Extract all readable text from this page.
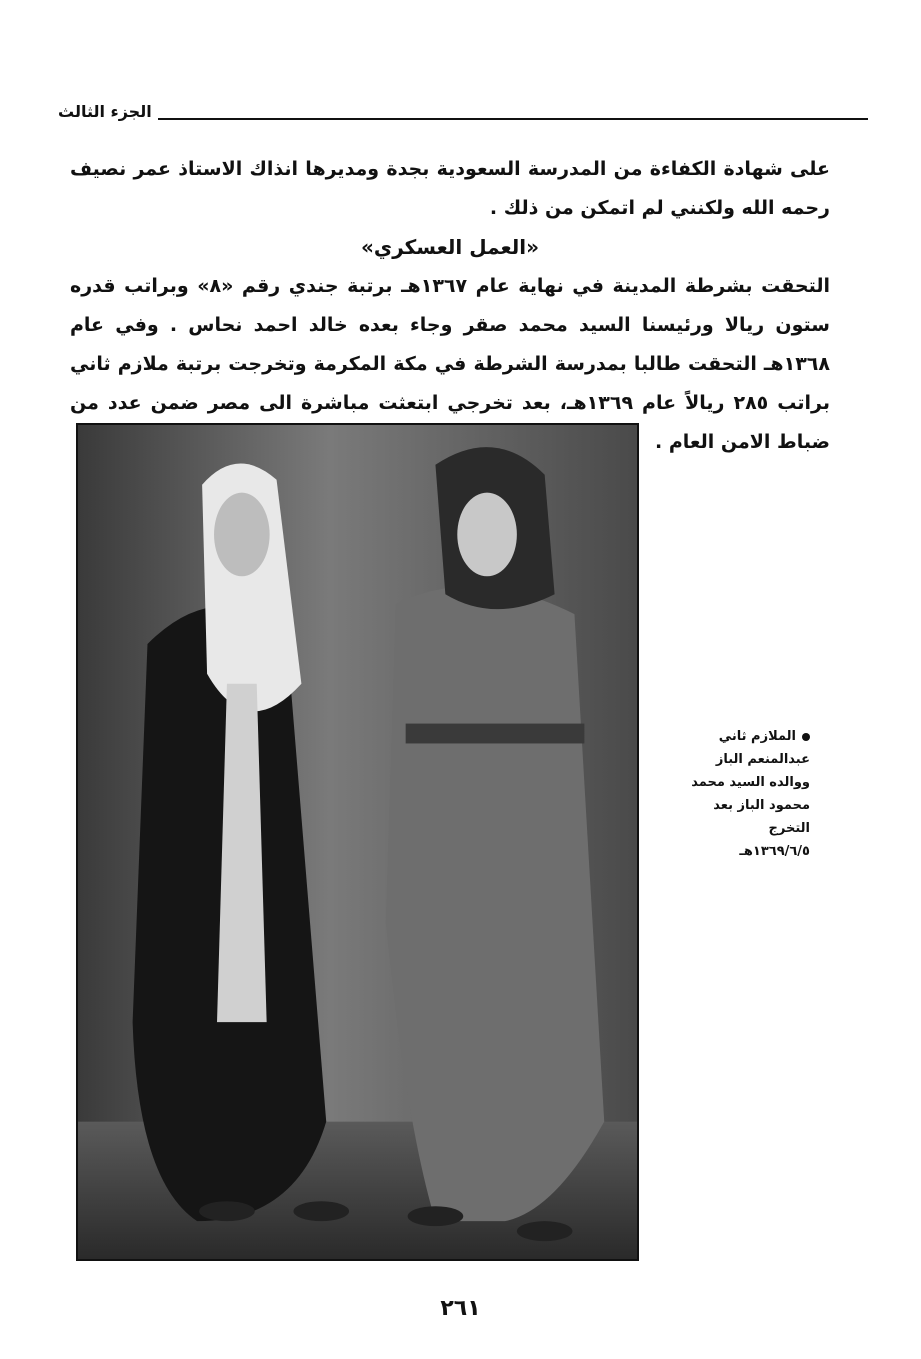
الجزء الثالث

على شهادة الكفاءة من المدرسة السعودية بجدة ومديرها انذاك الاستاذ عمر نصيف رحمه الله ولكنني لم اتمكن من ذلك .

«العمل العسكري»

التحقت بشرطة المدينة في نهاية عام ١٣٦٧هـ برتبة جندي رقم «٨» وبراتب قدره ستون ريالا ورئيسنا السيد محمد صقر وجاء بعده خالد احمد نحاس . وفي عام ١٣٦٨هـ التحقت طالبا بمدرسة الشرطة في مكة المكرمة وتخرجت برتبة ملازم ثاني براتب ٢٨٥ ريالاً عام ١٣٦٩هـ، بعد تخرجي ابتعثت مباشرة الى مصر ضمن عدد من ضباط الامن العام .

الملازم ثاني

عبدالمنعم الباز

ووالده السيد محمد

محمود الباز بعد

التخرج

١٣٦٩/٦/٥هـ

٢٦١
